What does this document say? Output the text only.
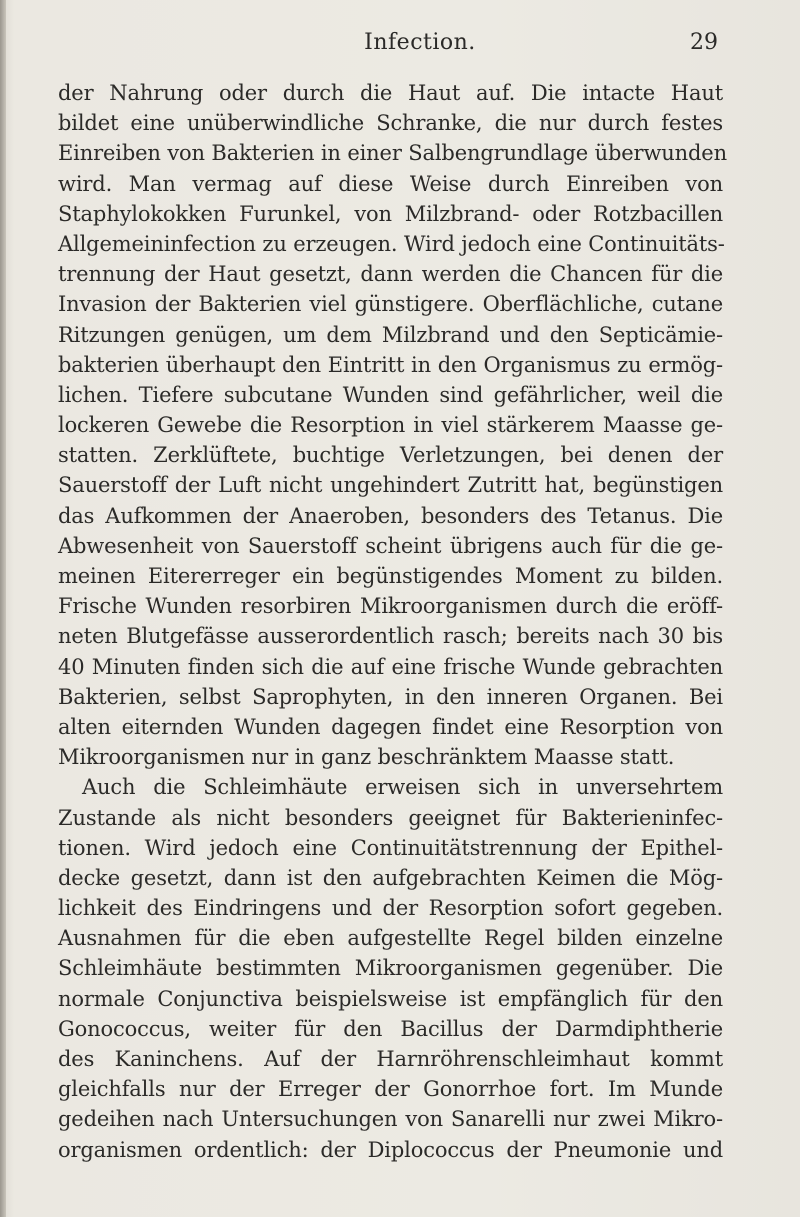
Infection.	29
der Nahrung oder durch die Haut auf. Die intacte Haut
bildet eine unüberwindliche Schranke, die nur durch festes
Einreiben von Bakterien in einer Salbengrundlage überwunden
wird. Man vermag auf diese Weise durch Einreiben von
Staphylokokken Furunkel, von Milzbrand- oder Rotzbacillen
Allgemeininfection zu erzeugen. Wird jedoch eine Continuitäts-
trennung der Haut gesetzt, dann werden die Chancen für die
Invasion der Bakterien viel günstigere. Oberflächliche, cutane
Ritzungen genügen, um dem Milzbrand und den Septicämie-
bakterien überhaupt den Eintritt in den Organismus zu ermög-
lichen. Tiefere subcutane Wunden sind gefährlicher, weil die
lockeren Gewebe die Resorption in viel stärkerem Maasse ge-
statten. Zerklüftete, buchtige Verletzungen, bei denen der
Sauerstoff der Luft nicht ungehindert Zutritt hat, begünstigen
das Aufkommen der Anaeroben, besonders des Tetanus. Die
Abwesenheit von Sauerstoff scheint übrigens auch für die ge-
meinen Eitererreger ein begünstigendes Moment zu bilden.
Frische Wunden resorbiren Mikroorganismen durch die eröff-
neten Blutgefässe ausserordentlich rasch; bereits nach 30 bis
40 Minuten finden sich die auf eine frische Wunde gebrachten
Bakterien, selbst Saprophyten, in den inneren Organen. Bei
alten eiternden Wunden dagegen findet eine Resorption von
Mikroorganismen nur in ganz beschränktem Maasse statt.
Auch die Schleimhäute erweisen sich in unversehrtem
Zustande als nicht besonders geeignet für Bakterieninfec-
tionen. Wird jedoch eine Continuitätstrennung der Epithel-
decke gesetzt, dann ist den aufgebrachten Keimen die Mög-
lichkeit des Eindringens und der Resorption sofort gegeben.
Ausnahmen für die eben aufgestellte Regel bilden einzelne
Schleimhäute bestimmten Mikroorganismen gegenüber. Die
normale Conjunctiva beispielsweise ist empfänglich für den
Gonococcus, weiter für den Bacillus der Darmdiphtherie
des Kaninchens. Auf der Harnröhrenschleimhaut kommt
gleichfalls nur der Erreger der Gonorrhoe fort. Im Munde
gedeihen nach Untersuchungen von Sanarelli nur zwei Mikro-
organismen ordentlich: der Diplococcus der Pneumonie und
